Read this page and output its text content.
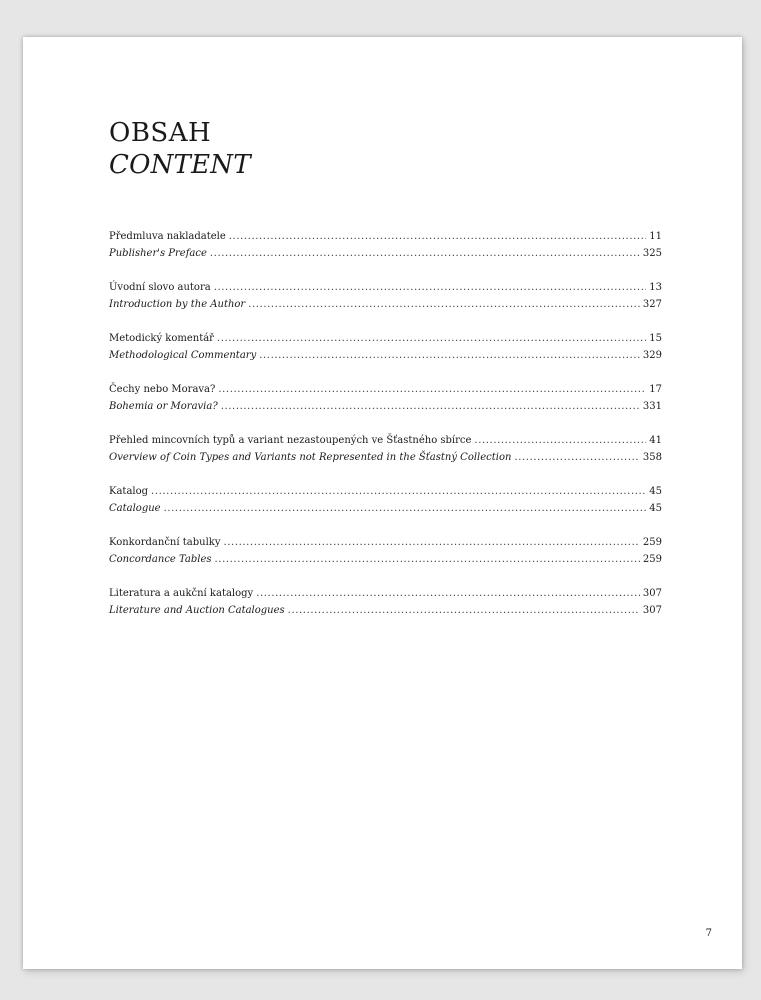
OBSAH
CONTENT
Předmluva nakladatele .....	11
Publisher's Preface .....	325
Úvodní slovo autora .....	13
Introduction by the Author .....	327
Metodický komentář .....	15
Methodological Commentary .....	329
Čechy nebo Morava? .....	17
Bohemia or Moravia? .....	331
Přehled mincovních typů a variant nezastoupených ve Šťastného sbírce .....	41
Overview of Coin Types and Variants not Represented in the Šťastný Collection .....	358
Katalog .....	45
Catalogue .....	45
Konkordanční tabulky .....	259
Concordance Tables .....	259
Literatura a aukční katalogy .....	307
Literature and Auction Catalogues .....	307
7
